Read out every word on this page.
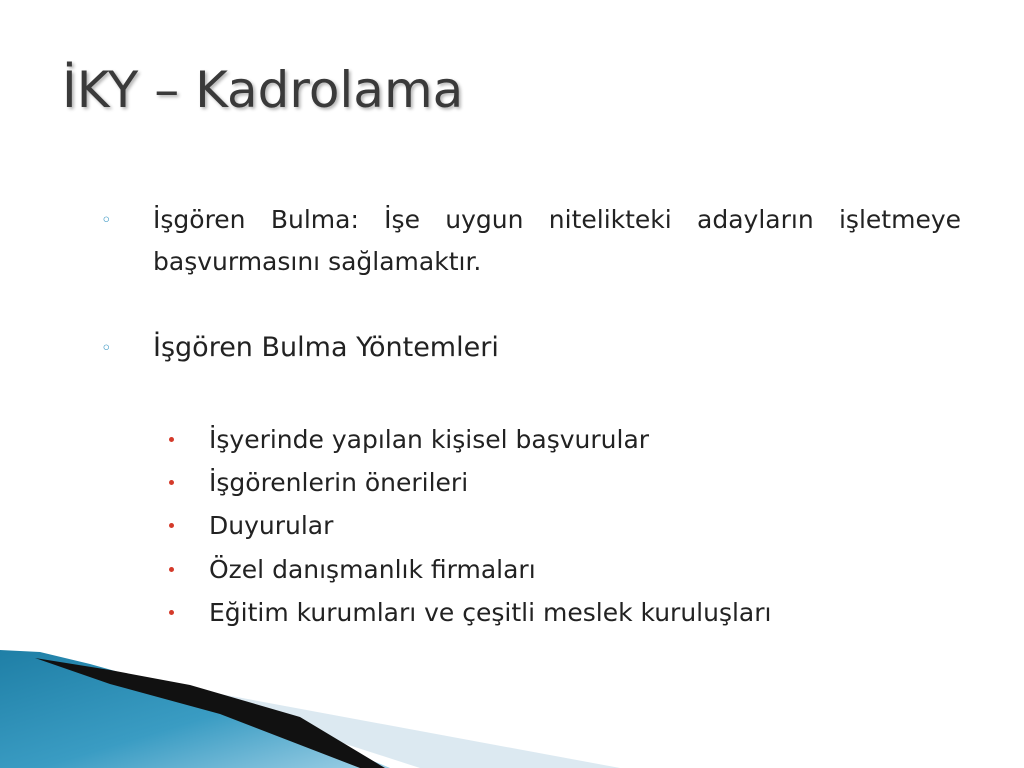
İKY – Kadrolama
◦	İşgören Bulma: İşe uygun nitelikteki adayların işletmeye başvurmasını sağlamaktır.
◦	İşgören Bulma Yöntemleri
İşyerinde yapılan kişisel başvurular
İşgörenlerin önerileri
Duyurular
Özel danışmanlık firmaları
Eğitim kurumları ve çeşitli meslek kuruluşları
